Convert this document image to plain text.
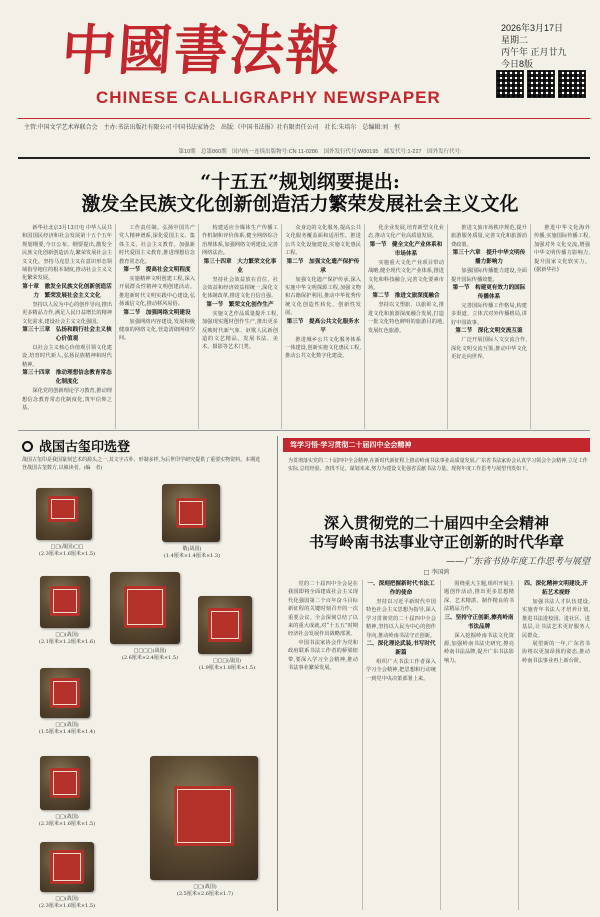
中國書法報
CHINESE CALLIGRAPHY NEWSPAPER
2026年3月17日
星期二
丙午年 正月廿九
今日8版
主管:中国文学艺术界联合会　主办:书法出版社有限公司 中国书法家协会　出版:《中国书法报》社有限责任公司　社长:朱培尔　总编辑:刘　恒
第10期　总第860期　国内统一连续出版物号:CN 11-0286　国外发行代号:W80195　邮发代号:1-227　国外发行代号:
“十五五”规划纲要提出:
激发全民族文化创新创造活力繁荣发展社会主义文化

新华社北京3月13日电 中华人民共和国国民经济和社会发展第十五个五年规划纲要,今日公布。纲要提出,激发全民族文化创新创造活力,繁荣发展社会主义文化。坚持马克思主义在意识形态领域指导地位的根本制度,推动社会主义文化繁荣发展。

第十章　激发全民族文化创新创造活力　繁荣发展社会主义文化

坚持以人民为中心的创作导向,推出更多精品力作,满足人民日益增长的精神文化需求,建设社会主义文化强国。

第三十三章　弘扬和践行社会主义核心价值观

以社会主义核心价值观引领文化建设,培育时代新人,弘扬民族精神和时代精神。

第三十四章　推动理想信念教育常态化制度化

深化党的创新理论学习教育,推动理想信念教育常态化制度化,筑牢信仰之基。

工作责任制。弘扬中国共产党人精神谱系,深化爱国主义、集体主义、社会主义教育。加强新时代爱国主义教育,推进理想信念教育常态化。

第一节　提高社会文明程度

实施精神文明创建工程,深入开展群众性精神文明创建活动。推进新时代文明实践中心建设,弘扬诚信文化,推动移风易俗。

第二节　加强网络文明建设

加强网络内容建设,发展积极健康的网络文化,营造清朗网络空间。

构建适应全媒体生产传播工作机制和评价体系,健全网络综合治理体系,加强网络文明建设,完善网络法治。

第三十四章　大力繁荣文化事业

坚持社会效益放在首位、社会效益和经济效益相统一,深化文化体制改革,推进文化自信自强。

第一节　繁荣文化创作生产

实施文艺作品质量提升工程,加强现实题材创作生产,推出更多反映时代新气象、讴歌人民新创造的文艺精品。发展书法、美术、摄影等艺术门类。

众身边的文化服务,提高公共文化服务覆盖面和适用性。推进公共文化设施建设,实施文化惠民工程。

第二节　加强文化遗产保护传承

加强文化遗产保护传承,深入实施中华文明探源工程,加强文物和古籍保护利用,推动中华优秀传统文化创造性转化、创新性发展。

第三节　提高公共文化服务水平

推进城乡公共文化服务体系一体建设,创新实施文化惠民工程,推动公共文化数字化建设。

化企业发展,培育新型文化业态,推动文化产业高质量发展。

第一节　健全文化产业体系和市场体系

实施重大文化产业项目带动战略,健全现代文化产业体系,推进文化和科技融合,完善文化要素市场。

第二节　推进文旅深度融合

坚持以文塑旅、以旅彰文,推进文化和旅游深度融合发展,打造一批文化特色鲜明的旅游目的地,发展红色旅游。

推进文旅市场秩序规范,提升旅游服务质量,完善文化和旅游消费政策。

第三十六章　提升中华文明传播力影响力

加强国际传播能力建设,全面提升国际传播效能。

第一节　构建更有效力的国际传播体系

完善国际传播工作格局,构建多渠道、立体式对外传播格局,讲好中国故事。

第二节　深化文明交流互鉴

广泛开展国际人文交流合作,深化文明交流互鉴,推动中华文化更好走向世界。

推进中华文化海外传播,实施国际传播工程,加强对外文化交流,增强中华文明传播力影响力,提升国家文化软实力。(据新华社)

战国古玺印选登
战国古玺印是我国篆刻艺术的源头之一,其文字古朴、形制多样,为后世印学研究提供了重要实物资料。本期选登战国古玺数方,以飨读者。(编　者)
□□(战国)□□
(2.3厘米×1.6厘米×1.5)
敬(战国)
(1.4厘米×1.4厘米×1.3)
□□(战国)
(2.1厘米×1.2厘米×1.6)
□□□□(战国)
(2.6厘米×2.4厘米×1.5)	□□□(战国)
(1.9厘米×1.8厘米×1.5)
□□(战国)
(1.5厘米×1.4厘米×1.4)
□□(战国)
(2.3厘米×1.6厘米×1.5)
□□(战国)
(2.3厘米×1.6厘米×1.5)
□□(战国)
(2.5厘米×2.6厘米×1.7)
笃学习悟·学习贯彻二十届四中全会精神
为贯彻落实党的二十届四中全会精神,在新时代新征程上推动岭南书法事业高质量发展,广东省书法家协会认真学习领会全会精神,立足工作实际,总结经验、查找不足、谋划未来,努力为建设文化强省贡献书法力量。现将年度工作思考与展望刊发如下。
深入贯彻党的二十届四中全会精神
书写岭南书法事业守正创新的时代华章
——广东省书协年度工作思考与展望
□ 李国鸿

党的二十届四中全会是在我国即将全面建成社会主义现代化强国第二个百年奋斗目标新征程的关键时刻召开的一次重要会议。全会深刻总结了以来的重大成就,对“十五五”时期经济社会发展作出战略部署。

中国书法家协会作为党和政府联系书法工作者的桥梁纽带,要深入学习全会精神,推动书法事业繁荣发展。

一、深刻把握新时代书法工作的使命

坚持以习近平新时代中国特色社会主义思想为指导,深入学习贯彻党的二十届四中全会精神,坚持以人民为中心的创作导向,推动岭南书法守正创新。

二、深化理论武装,书写时代新篇

组织广大书法工作者深入学习全会精神,把思想和行动统一到党中央决策部署上来。

围绕重大主题,组织开展主题创作活动,推出更多思想精深、艺术精湛、制作精良的书法精品力作。

三、坚持守正创新,擦亮岭南书法品牌

深入挖掘岭南书法文化资源,加强岭南书法史研究,擦亮岭南书法品牌,提升广东书法影响力。

四、深化精神文明建设,开拓艺术视野

加强书法人才队伍建设,实施青年书法人才培养计划,推进书法进校园、进社区、进基层,让书法艺术更好服务人民群众。

展望新的一年,广东省书协将以更加昂扬的姿态,推动岭南书法事业再上新台阶。
